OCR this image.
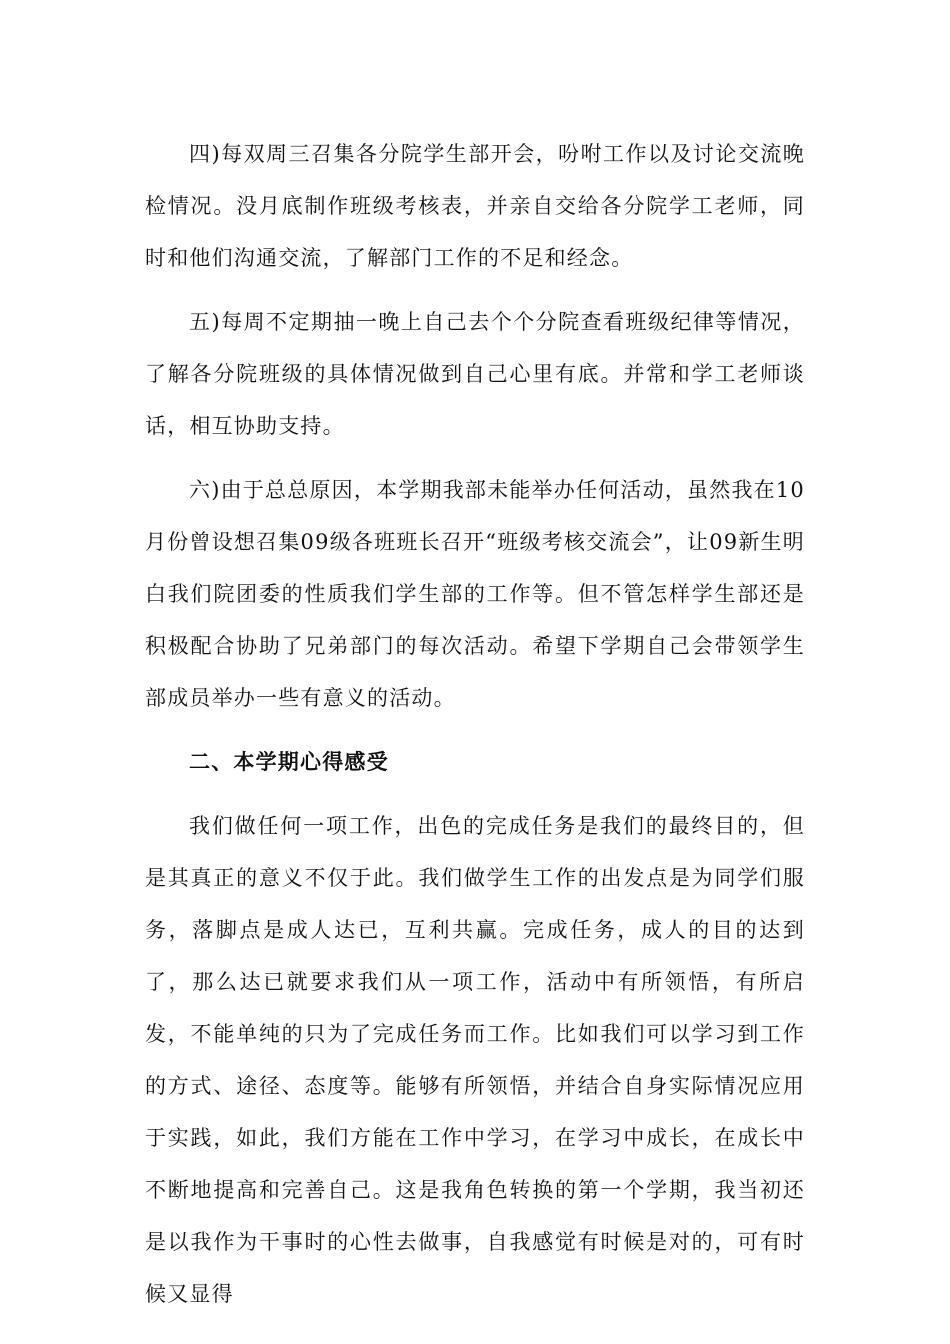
四)每双周三召集各分院学生部开会，吩咐工作以及讨论交流晚检情况。没月底制作班级考核表，并亲自交给各分院学工老师，同时和他们沟通交流，了解部门工作的不足和经念。

五)每周不定期抽一晚上自己去个个分院查看班级纪律等情况，了解各分院班级的具体情况做到自己心里有底。并常和学工老师谈话，相互协助支持。

六)由于总总原因，本学期我部未能举办任何活动，虽然我在10月份曾设想召集09级各班班长召开“班级考核交流会”，让09新生明白我们院团委的性质我们学生部的工作等。但不管怎样学生部还是积极配合协助了兄弟部门的每次活动。希望下学期自己会带领学生部成员举办一些有意义的活动。

二、本学期心得感受

我们做任何一项工作，出色的完成任务是我们的最终目的，但是其真正的意义不仅于此。我们做学生工作的出发点是为同学们服务，落脚点是成人达已，互利共赢。完成任务，成人的目的达到了，那么达已就要求我们从一项工作，活动中有所领悟，有所启发，不能单纯的只为了完成任务而工作。比如我们可以学习到工作的方式、途径、态度等。能够有所领悟，并结合自身实际情况应用于实践，如此，我们方能在工作中学习，在学习中成长，在成长中不断地提高和完善自己。这是我角色转换的第一个学期，我当初还是以我作为干事时的心性去做事，自我感觉有时候是对的，可有时候又显得
